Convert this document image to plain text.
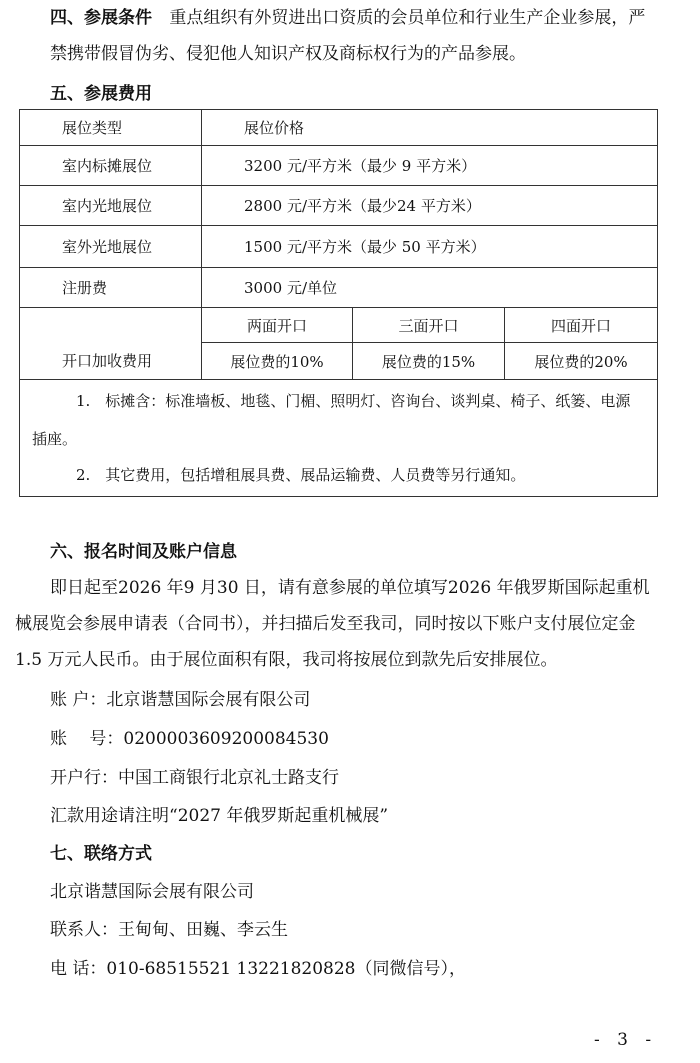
四、参展条件 重点组织有外贸进出口资质的会员单位和行业生产企业参展，严
禁携带假冒伪劣、侵犯他人知识产权及商标权行为的产品参展。
五、参展费用
展位类型	展位价格		
室内标摊展位	3200 元/平方米（最少 9 平方米）		
室内光地展位	2800 元/平方米（最少24 平方米）		
室外光地展位	1500 元/平方米（最少 50 平方米）		
注册费	3000 元/单位		
开口加收费用	两面开口	三面开口	四面开口
	展位费的10%	展位费的15%	展位费的20%

1.　标摊含：标准墙板、地毯、门楣、照明灯、咨询台、谈判桌、椅子、纸篓、电源插座。

2.　其它费用，包括增租展具费、展品运输费、人员费等另行通知。			

六、报名时间及账户信息
即日起至2026 年9 月30 日，请有意参展的单位填写2026 年俄罗斯国际起重机
械展览会参展申请表（合同书），并扫描后发至我司，同时按以下账户支付展位定金
1.5 万元人民币。由于展位面积有限，我司将按展位到款先后安排展位。
账 户：北京谐慧国际会展有限公司
账　 号：0200003609200084530
开户行：中国工商银行北京礼士路支行
汇款用途请注明“2027 年俄罗斯起重机械展”
七、联络方式
北京谐慧国际会展有限公司
联系人：王甸甸、田巍、李云生
电 话：010-68515521 13221820828（同微信号），
- 3 -
